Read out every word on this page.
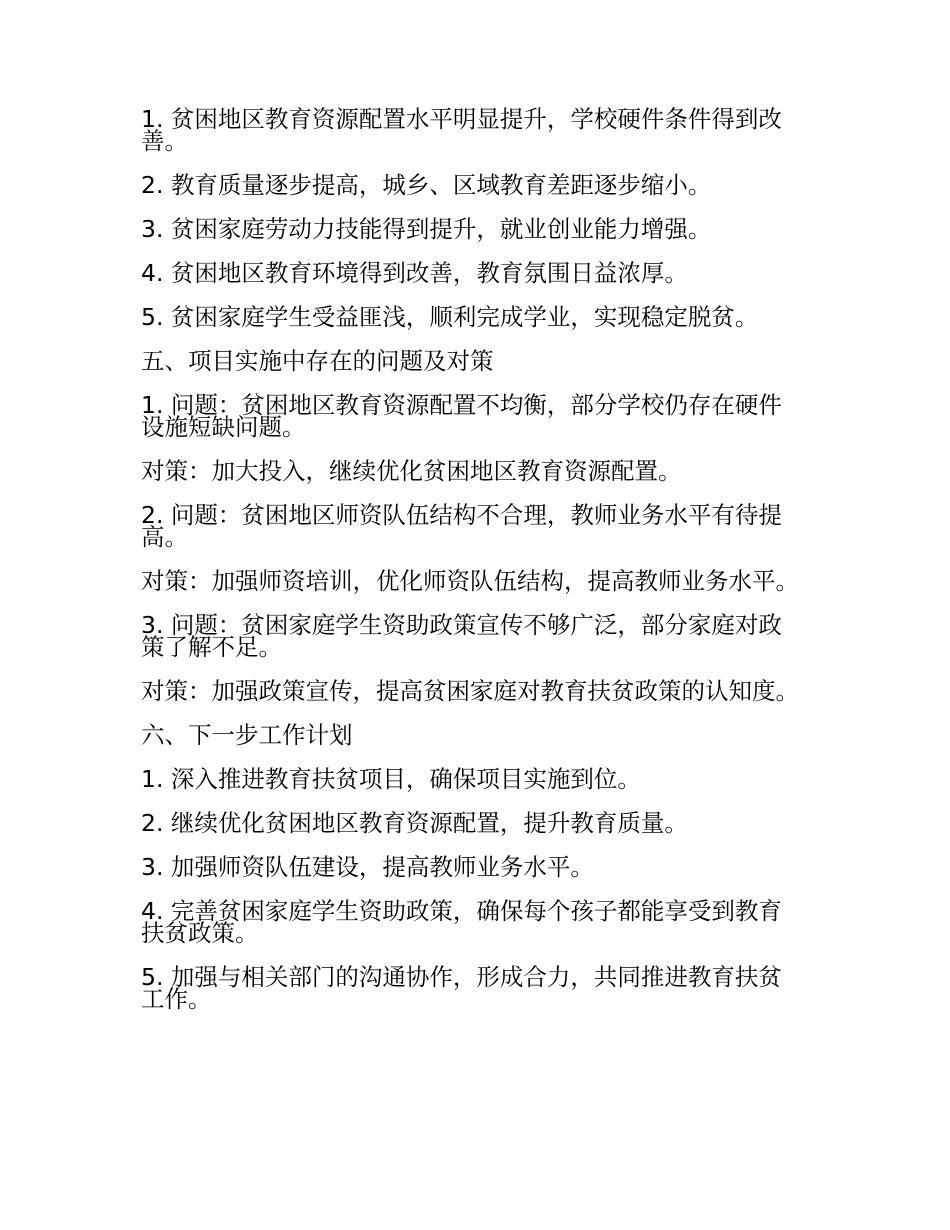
1. 贫困地区教育资源配置水平明显提升，学校硬件条件得到改善。

2. 教育质量逐步提高，城乡、区域教育差距逐步缩小。

3. 贫困家庭劳动力技能得到提升，就业创业能力增强。

4. 贫困地区教育环境得到改善，教育氛围日益浓厚。

5. 贫困家庭学生受益匪浅，顺利完成学业，实现稳定脱贫。

五、项目实施中存在的问题及对策

1. 问题：贫困地区教育资源配置不均衡，部分学校仍存在硬件设施短缺问题。

对策：加大投入，继续优化贫困地区教育资源配置。

2. 问题：贫困地区师资队伍结构不合理，教师业务水平有待提高。

对策：加强师资培训，优化师资队伍结构，提高教师业务水平。

3. 问题：贫困家庭学生资助政策宣传不够广泛，部分家庭对政策了解不足。

对策：加强政策宣传，提高贫困家庭对教育扶贫政策的认知度。

六、下一步工作计划

1. 深入推进教育扶贫项目，确保项目实施到位。

2. 继续优化贫困地区教育资源配置，提升教育质量。

3. 加强师资队伍建设，提高教师业务水平。

4. 完善贫困家庭学生资助政策，确保每个孩子都能享受到教育扶贫政策。

5. 加强与相关部门的沟通协作，形成合力，共同推进教育扶贫工作。
